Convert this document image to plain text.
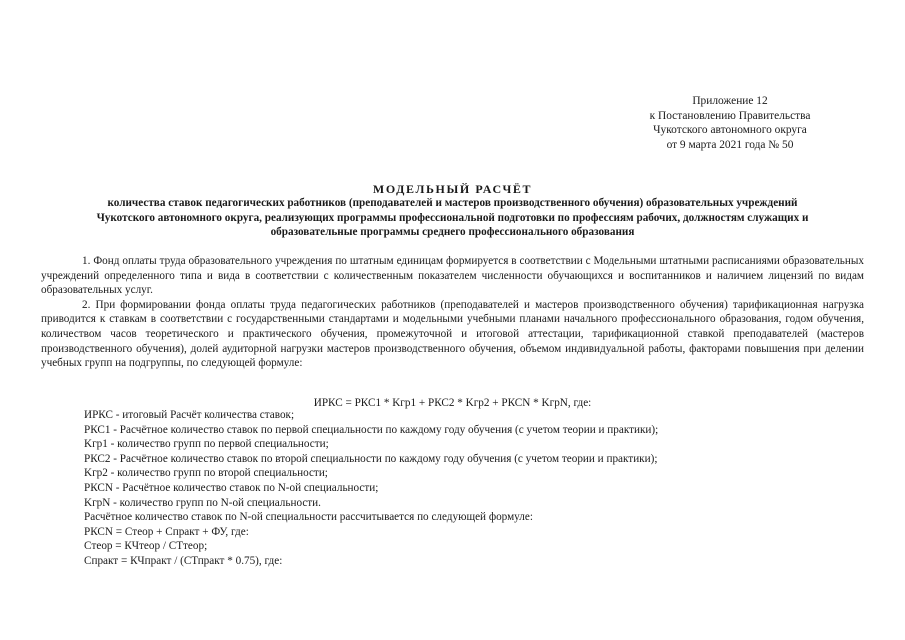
Приложение 12
к Постановлению Правительства
Чукотского автономного округа
от 9 марта 2021 года № 50
МОДЕЛЬНЫЙ РАСЧЁТ
количества ставок педагогических работников (преподавателей и мастеров производственного обучения) образовательных учреждений
Чукотского автономного округа, реализующих программы профессиональной подготовки по профессиям рабочих, должностям служащих и
образовательные программы среднего профессионального образования

1. Фонд оплаты труда образовательного учреждения по штатным единицам формируется в соответствии с Модельными штатными расписаниями образовательных учреждений определенного типа и вида в соответствии с количественным показателем численности обучающихся и воспитанников и наличием лицензий по видам образовательных услуг.

2. При формировании фонда оплаты труда педагогических работников (преподавателей и мастеров производственного обучения) тарификационная нагрузка приводится к ставкам в соответствии с государственными стандартами и модельными учебными планами начального профессионального образования, годом обучения, количеством часов теоретического и практического обучения, промежуточной и итоговой аттестации, тарификационной ставкой преподавателей (мастеров производственного обучения), долей аудиторной нагрузки мастеров производственного обучения, объемом индивидуальной работы, факторами повышения при делении учебных групп на подгруппы, по следующей формуле:

ИРКС = РКС1 * Kгр1 + РКС2 * Kгр2 + РКСN * KгрN, где:
ИРКС - итоговый Расчёт количества ставок;
РКС1 - Расчётное количество ставок по первой специальности по каждому году обучения (с учетом теории и практики);
Kгр1 - количество групп по первой специальности;
РКС2 - Расчётное количество ставок по второй специальности по каждому году обучения (с учетом теории и практики);
Kгр2 - количество групп по второй специальности;
РКСN - Расчётное количество ставок по N-ой специальности;
KгрN - количество групп по N-ой специальности.
Расчётное количество ставок по N-ой специальности рассчитывается по следующей формуле:
РКСN = Cтеор + Cпракт + ФУ, где:
Cтеор = КЧтеор / СТтеор;
Cпракт = КЧпракт / (СТпракт * 0.75), где:
